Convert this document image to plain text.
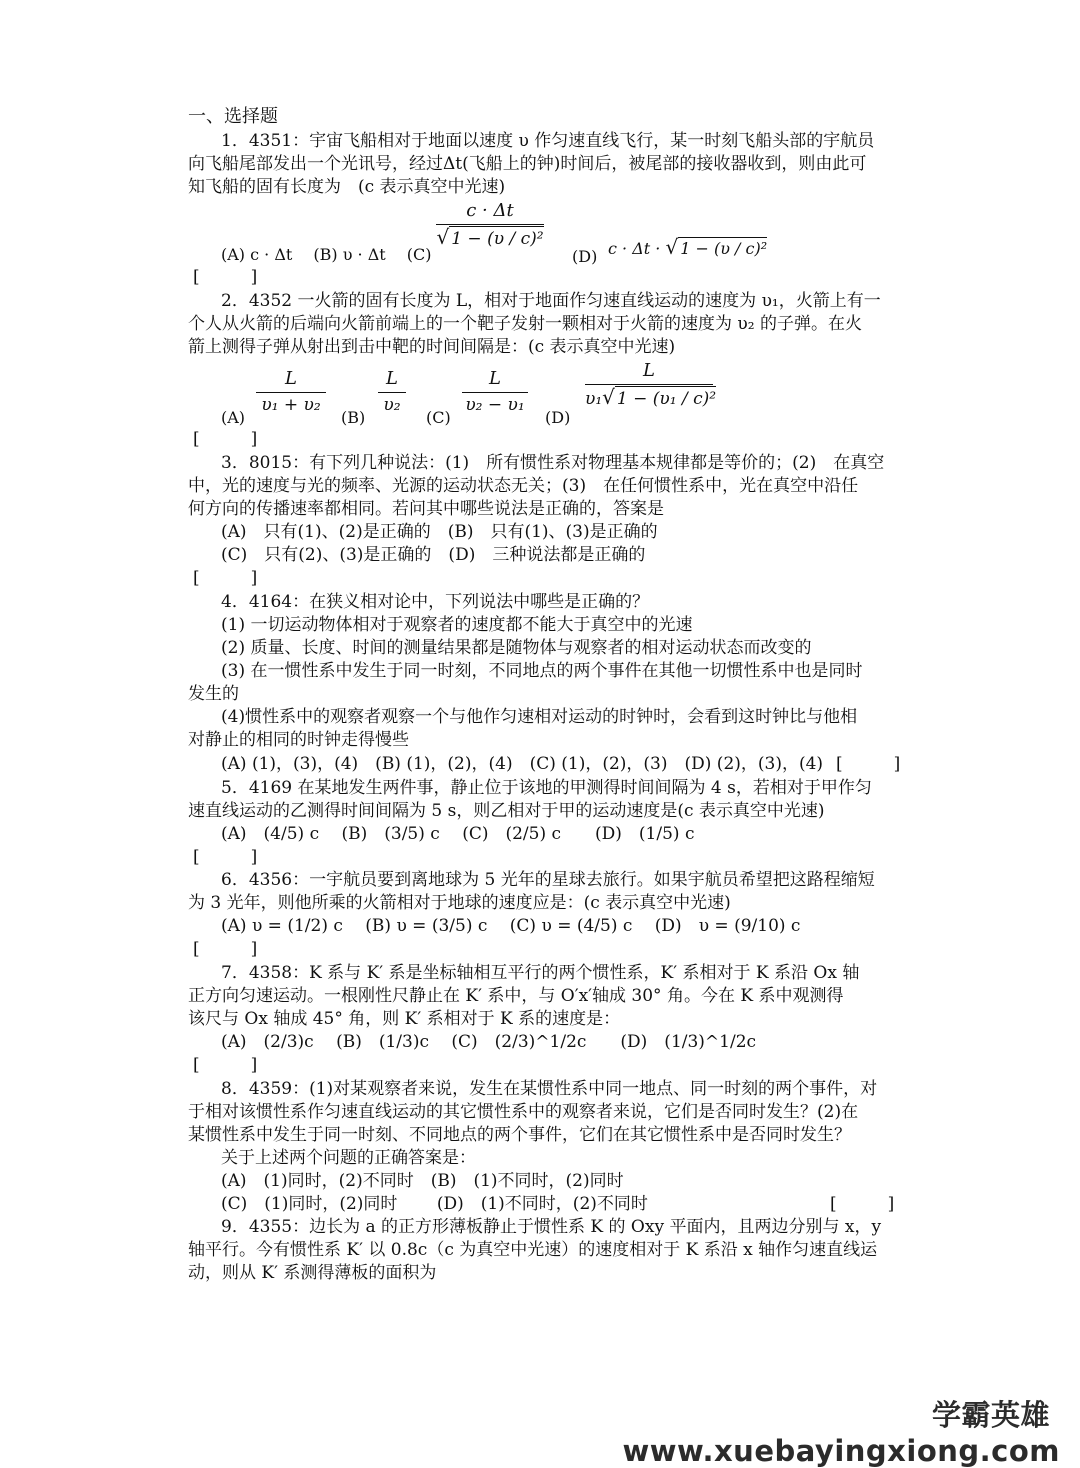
一、选择题
1．4351：宇宙飞船相对于地面以速度 υ 作匀速直线飞行，某一时刻飞船头部的宇航员
向飞船尾部发出一个光讯号，经过Δt(飞船上的钟)时间后，被尾部的接收器收到，则由此可
知飞船的固有长度为　(c 表示真空中光速)
(A) c · Δt　 (B) υ · Δt　 (C)
c · Δt
√ 1 − (υ / c)²
(D) c · Δt · √ 1 − (υ / c)²
[　　　]
2．4352 一火箭的固有长度为 L，相对于地面作匀速直线运动的速度为 υ₁，火箭上有一
个人从火箭的后端向火箭前端上的一个靶子发射一颗相对于火箭的速度为 υ₂ 的子弹。在火
箭上测得子弹从射出到击中靶的时间间隔是：(c 表示真空中光速)
(A)
L
υ₁ + υ₂
(B)
L
υ₂
(C)
L
υ₂ − υ₁
(D)
L
υ₁√ 1 − (υ₁ / c)²
[　　　]
3．8015：有下列几种说法：(1)　所有惯性系对物理基本规律都是等价的；(2)　在真空
中，光的速度与光的频率、光源的运动状态无关；(3)　在任何惯性系中，光在真空中沿任
何方向的传播速率都相同。若问其中哪些说法是正确的，答案是
(A)　只有(1)、(2)是正确的　(B)　只有(1)、(3)是正确的
(C)　只有(2)、(3)是正确的　(D)　三种说法都是正确的
[　　　]
4．4164：在狭义相对论中，下列说法中哪些是正确的？
(1) 一切运动物体相对于观察者的速度都不能大于真空中的光速
(2) 质量、长度、时间的测量结果都是随物体与观察者的相对运动状态而改变的
(3) 在一惯性系中发生于同一时刻，不同地点的两个事件在其他一切惯性系中也是同时
发生的
(4)惯性系中的观察者观察一个与他作匀速相对运动的时钟时，会看到这时钟比与他相
对静止的相同的时钟走得慢些
(A) (1)，(3)，(4)　(B) (1)，(2)，(4)　(C) (1)，(2)，(3)　(D) (2)，(3)，(4) [　　　]
5．4169 在某地发生两件事，静止位于该地的甲测得时间间隔为 4 s，若相对于甲作匀
速直线运动的乙测得时间间隔为 5 s，则乙相对于甲的运动速度是(c 表示真空中光速)
(A)　(4/5) c　 (B)　(3/5) c　 (C)　(2/5) c　　(D)　(1/5) c
[　　　]
6．4356：一宇航员要到离地球为 5 光年的星球去旅行。如果宇航员希望把这路程缩短
为 3 光年，则他所乘的火箭相对于地球的速度应是：(c 表示真空中光速)
(A) υ = (1/2) c　 (B) υ = (3/5) c　 (C) υ = (4/5) c　 (D)　υ = (9/10) c
[　　　]
7．4358：K 系与 K′ 系是坐标轴相互平行的两个惯性系，K′ 系相对于 K 系沿 Ox 轴
正方向匀速运动。一根刚性尺静止在 K′ 系中，与 O′x′轴成 30° 角。今在 K 系中观测得
该尺与 Ox 轴成 45° 角，则 K′ 系相对于 K 系的速度是：
(A)　(2/3)c　 (B)　(1/3)c　 (C)　(2/3)^1/2c　　(D)　(1/3)^1/2c
[　　　]
8．4359：(1)对某观察者来说，发生在某惯性系中同一地点、同一时刻的两个事件，对
于相对该惯性系作匀速直线运动的其它惯性系中的观察者来说，它们是否同时发生？(2)在
某惯性系中发生于同一时刻、不同地点的两个事件，它们在其它惯性系中是否同时发生？
关于上述两个问题的正确答案是：
(A)　(1)同时，(2)不同时　(B)　(1)不同时，(2)同时
(C)　(1)同时，(2)同时　　 (D)　(1)不同时，(2)不同时	[　　　]
9．4355：边长为 a 的正方形薄板静止于惯性系 K 的 Oxy 平面内，且两边分别与 x，y
轴平行。今有惯性系 K′ 以 0.8c（c 为真空中光速）的速度相对于 K 系沿 x 轴作匀速直线运
动，则从 K′ 系测得薄板的面积为
学霸英雄www.xuebayingxiong.com
